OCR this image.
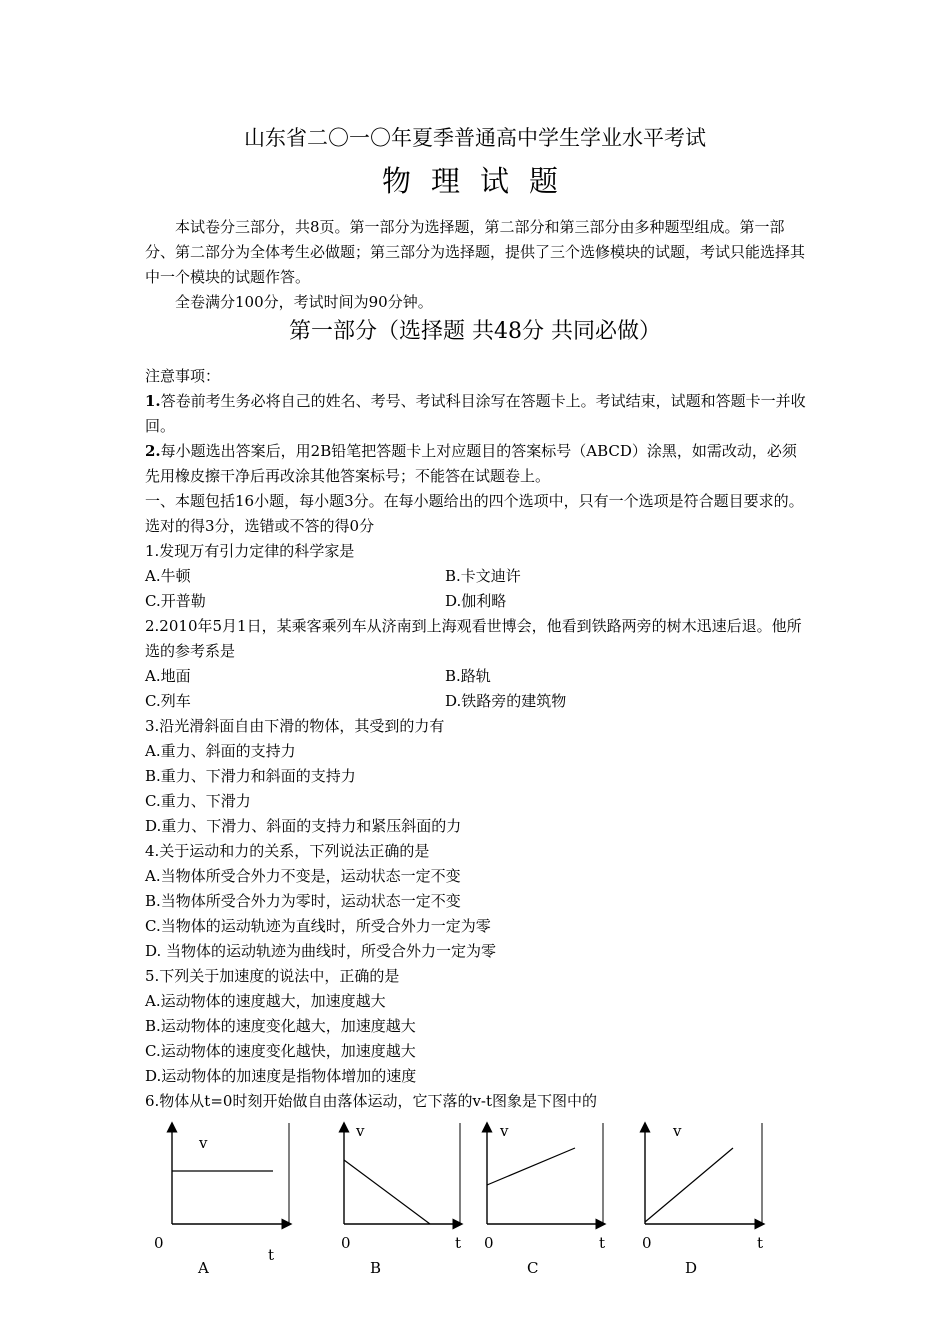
山东省二〇一〇年夏季普通高中学生学业水平考试
物理试题

本试卷分三部分，共8页。第一部分为选择题，第二部分和第三部分由多种题型组成。第一部分、第二部分为全体考生必做题；第三部分为选择题，提供了三个选修模块的试题，考试只能选择其中一个模块的试题作答。

全卷满分100分，考试时间为90分钟。

第一部分（选择题 共48分 共同必做）
注意事项：
1.答卷前考生务必将自己的姓名、考号、考试科目涂写在答题卡上。考试结束，试题和答题卡一并收回。
2.每小题选出答案后，用2B铅笔把答题卡上对应题目的答案标号（ABCD）涂黑，如需改动，必须先用橡皮擦干净后再改涂其他答案标号；不能答在试题卷上。
一、本题包括16小题，每小题3分。在每小题给出的四个选项中，只有一个选项是符合题目要求的。选对的得3分，选错或不答的得0分
1.发现万有引力定律的科学家是
A.牛顿	B.卡文迪许
C.开普勒	D.伽利略
2.2010年5月1日，某乘客乘列车从济南到上海观看世博会，他看到铁路两旁的树木迅速后退。他所选的参考系是
A.地面	B.路轨
C.列车	D.铁路旁的建筑物
3.沿光滑斜面自由下滑的物体，其受到的力有
A.重力、斜面的支持力
B.重力、下滑力和斜面的支持力
C.重力、下滑力
D.重力、下滑力、斜面的支持力和紧压斜面的力
4.关于运动和力的关系，下列说法正确的是
A.当物体所受合外力不变是，运动状态一定不变
B.当物体所受合外力为零时，运动状态一定不变
C.当物体的运动轨迹为直线时，所受合外力一定为零
D. 当物体的运动轨迹为曲线时，所受合外力一定为零
5.下列关于加速度的说法中，正确的是
A.运动物体的速度越大，加速度越大
B.运动物体的速度变化越大，加速度越大
C.运动物体的速度变化越快，加速度越大
D.运动物体的加速度是指物体增加的速度
6.物体从t=0时刻开始做自由落体运动，它下落的v-t图象是下图中的
v
v	v	v
0	0	0	0
t
t	t	t
A	B	C	D
